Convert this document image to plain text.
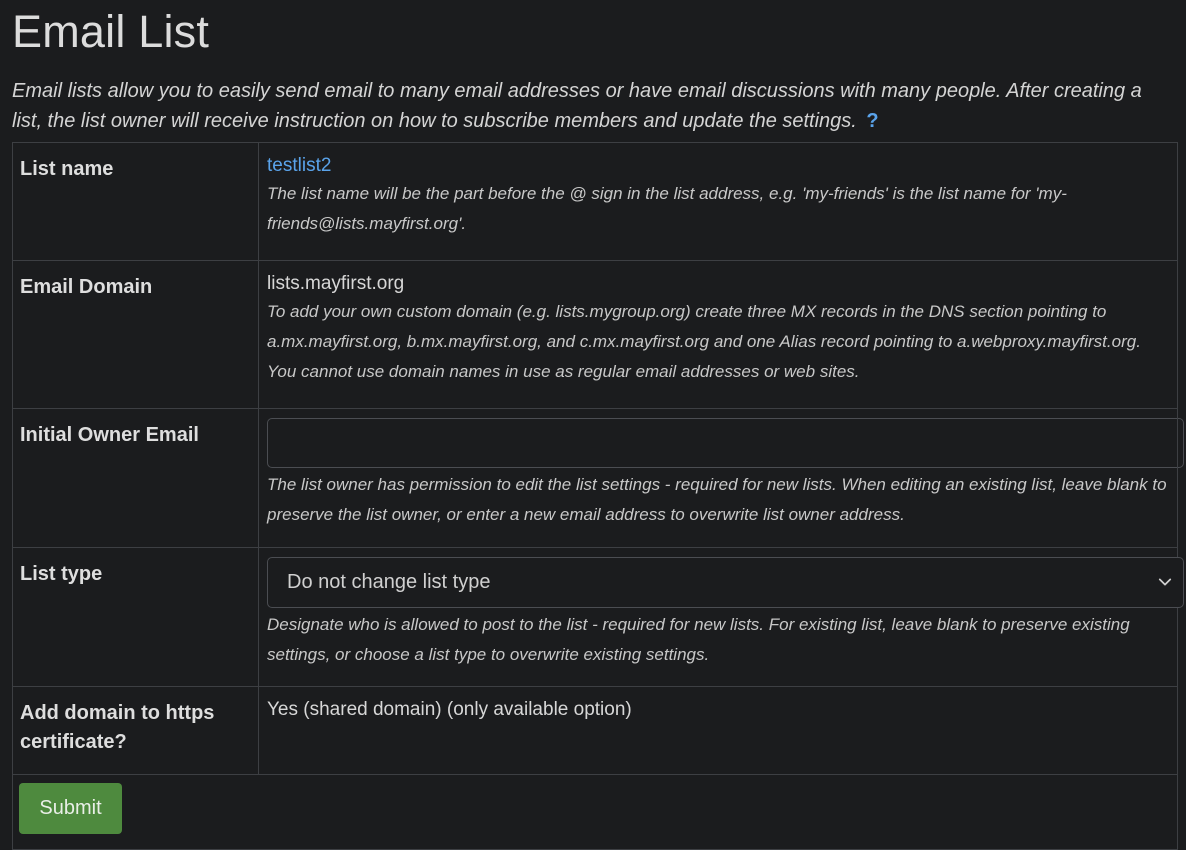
Email List

Email lists allow you to easily send email to many email addresses or have email discussions with many people. After creating a list, the list owner will receive instruction on how to subscribe members and update the settings. ?

List name	testlist2
The list name will be the part before the @ sign in the list address, e.g. 'my-friends' is the list name for 'my-friends@lists.mayfirst.org'.

Email Domain	lists.mayfirst.org
To add your own custom domain (e.g. lists.mygroup.org) create three MX records in the DNS section pointing to a.mx.mayfirst.org, b.mx.mayfirst.org, and c.mx.mayfirst.org and one Alias record pointing to a.webproxy.mayfirst.org. You cannot use domain names in use as regular email addresses or web sites.

Initial Owner Email	The list owner has permission to edit the list settings - required for new lists. When editing an existing list, leave blank to preserve the list owner, or enter a new email address to overwrite list owner address.

List type	Do not change list type
Designate who is allowed to post to the list - required for new lists. For existing list, leave blank to preserve existing settings, or choose a list type to overwrite existing settings.

Add domain to https certificate?	Yes (shared domain) (only available option)

Submit	
